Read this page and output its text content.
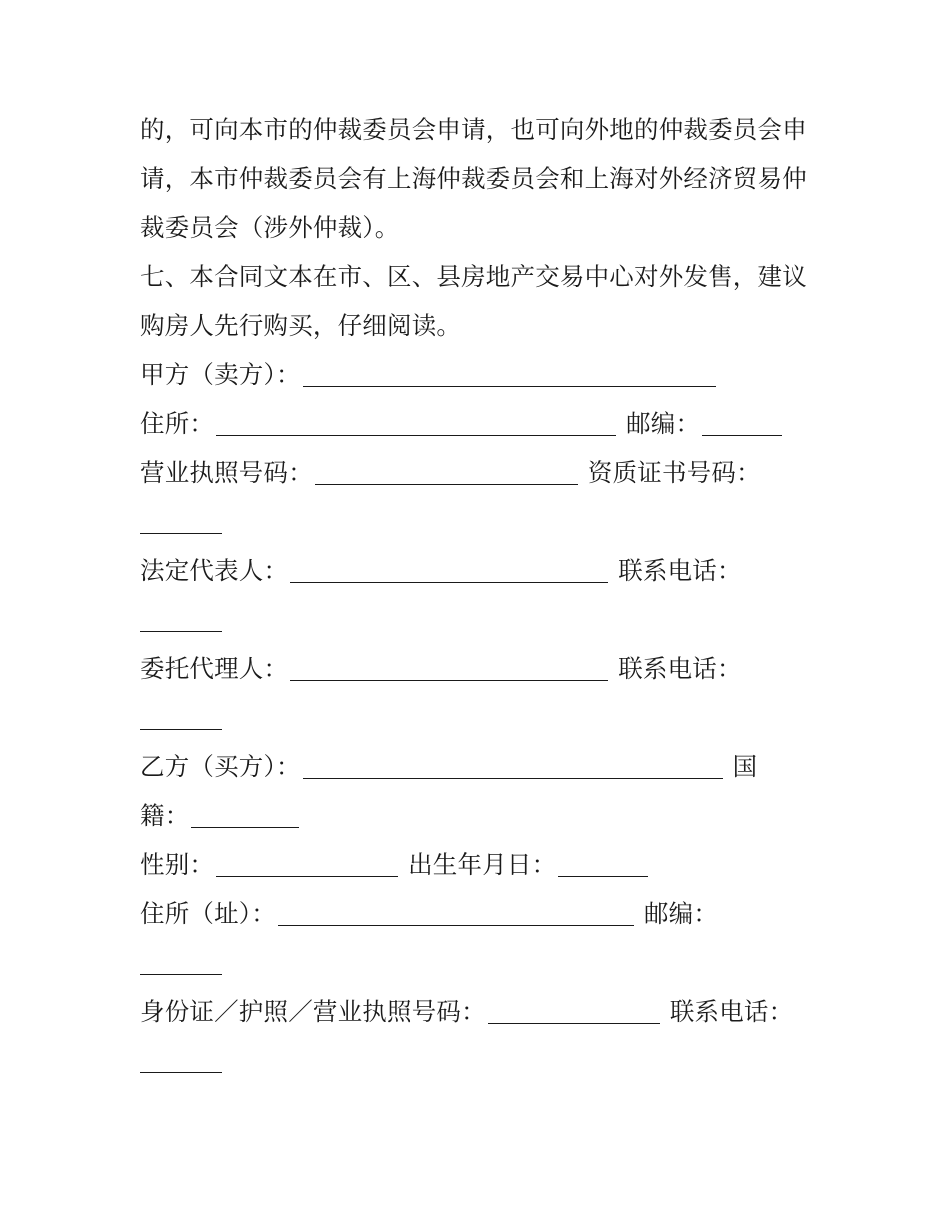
的，可向本市的仲裁委员会申请，也可向外地的仲裁委员会申
请，本市仲裁委员会有上海仲裁委员会和上海对外经济贸易仲
裁委员会（涉外仲裁）。
七、本合同文本在市、区、县房地产交易中心对外发售，建议
购房人先行购买，仔细阅读。
甲方（卖方）：
住所：	邮编：
营业执照号码：	资质证书号码：
法定代表人：	联系电话：
委托代理人：	联系电话：
乙方（买方）：	国
籍：
性别：	出生年月日：
住所（址）：	邮编：
身份证／护照／营业执照号码：	联系电话：
